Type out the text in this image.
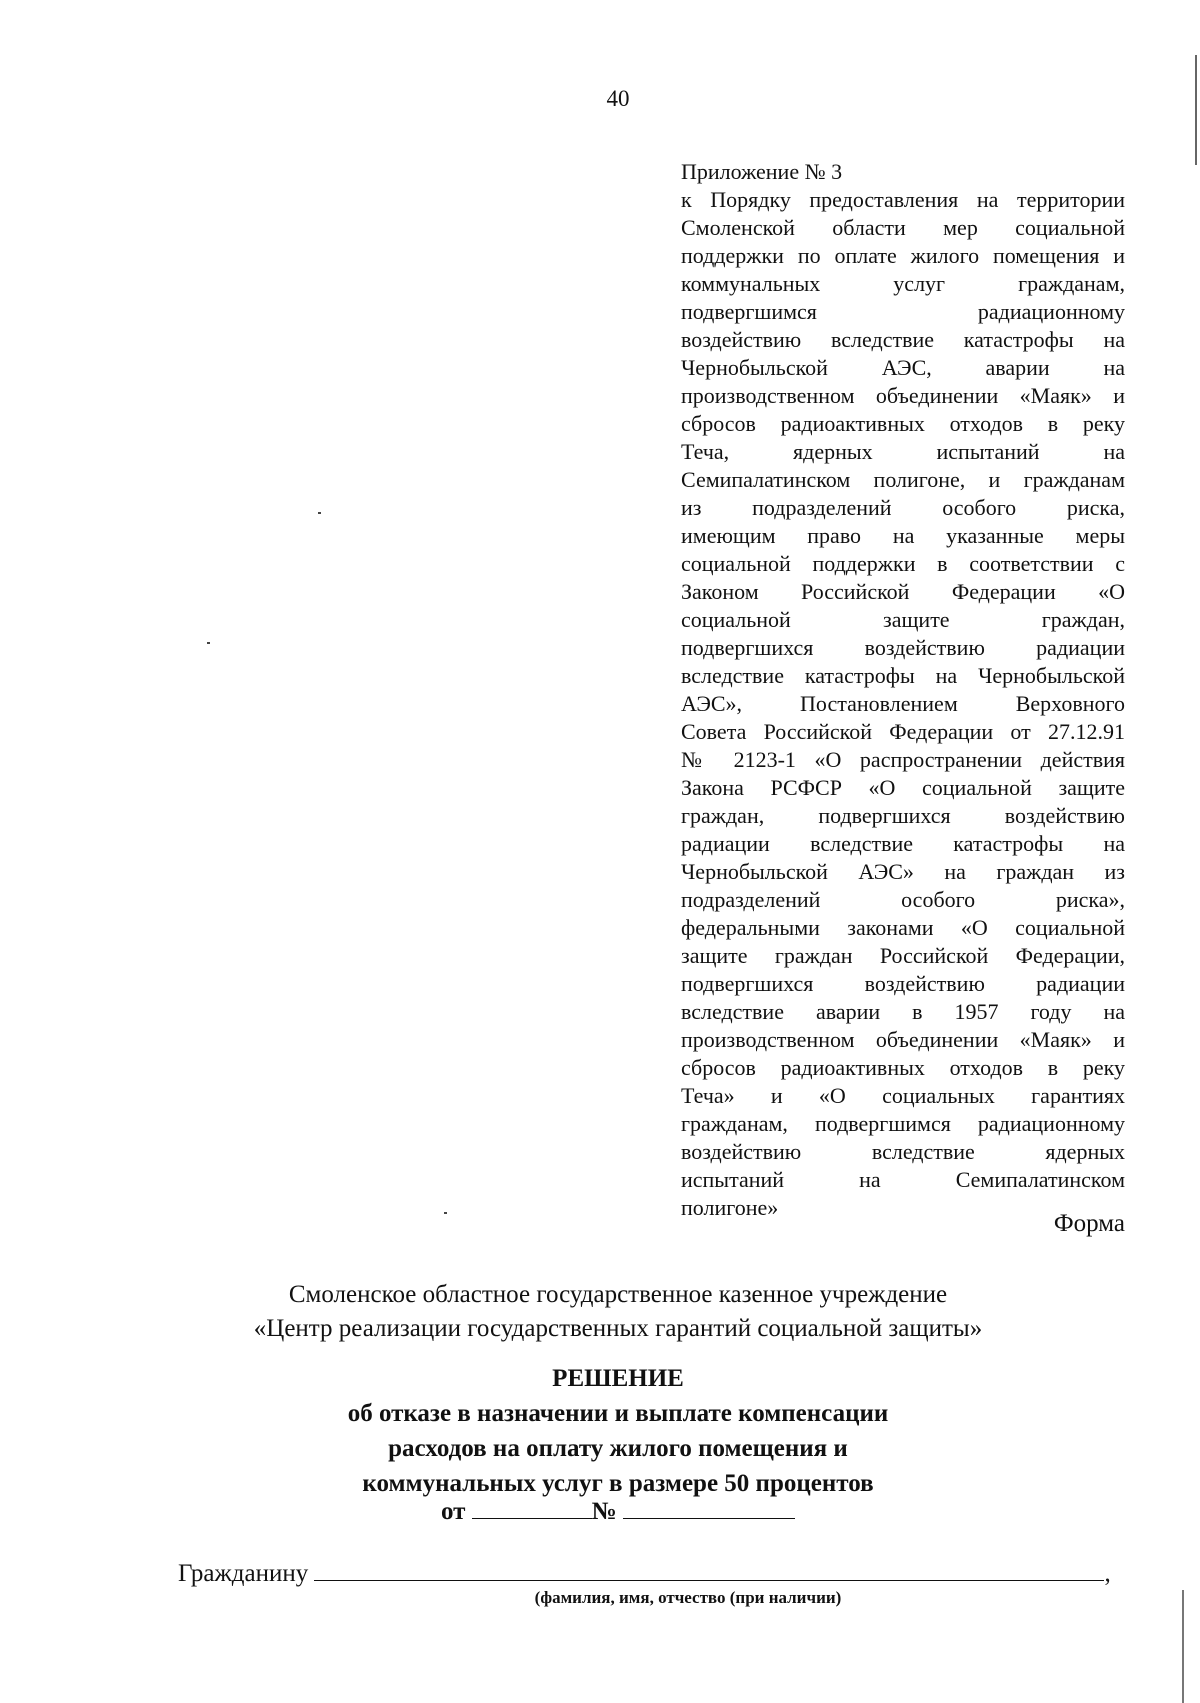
40
Приложение № 3
к Порядку предоставления на территории
Смоленской области мер социальной
поддержки по оплате жилого помещения и
коммунальных услуг гражданам,
подвергшимся радиационному
воздействию вследствие катастрофы на
Чернобыльской АЭС, аварии на
производственном объединении «Маяк» и
сбросов радиоактивных отходов в реку
Теча, ядерных испытаний на
Семипалатинском полигоне, и гражданам
из подразделений особого риска,
имеющим право на указанные меры
социальной поддержки в соответствии с
Законом Российской Федерации «О
социальной защите граждан,
подвергшихся воздействию радиации
вследствие катастрофы на Чернобыльской
АЭС», Постановлением Верховного
Совета Российской Федерации от 27.12.91
№ 2123-1 «О распространении действия
Закона РСФСР «О социальной защите
граждан, подвергшихся воздействию
радиации вследствие катастрофы на
Чернобыльской АЭС» на граждан из
подразделений особого риска»,
федеральными законами «О социальной
защите граждан Российской Федерации,
подвергшихся воздействию радиации
вследствие аварии в 1957 году на
производственном объединении «Маяк» и
сбросов радиоактивных отходов в реку
Теча» и «О социальных гарантиях
гражданам, подвергшимся радиационному
воздействию вследствие ядерных
испытаний на Семипалатинском
полигоне»
Форма
Смоленское областное государственное казенное учреждение
«Центр реализации государственных гарантий социальной защиты»
РЕШЕНИЕ
об отказе в назначении и выплате компенсации
расходов на оплату жилого помещения и
коммунальных услуг в размере 50 процентов
от	№
Гражданину	,
(фамилия, имя, отчество (при наличии)
